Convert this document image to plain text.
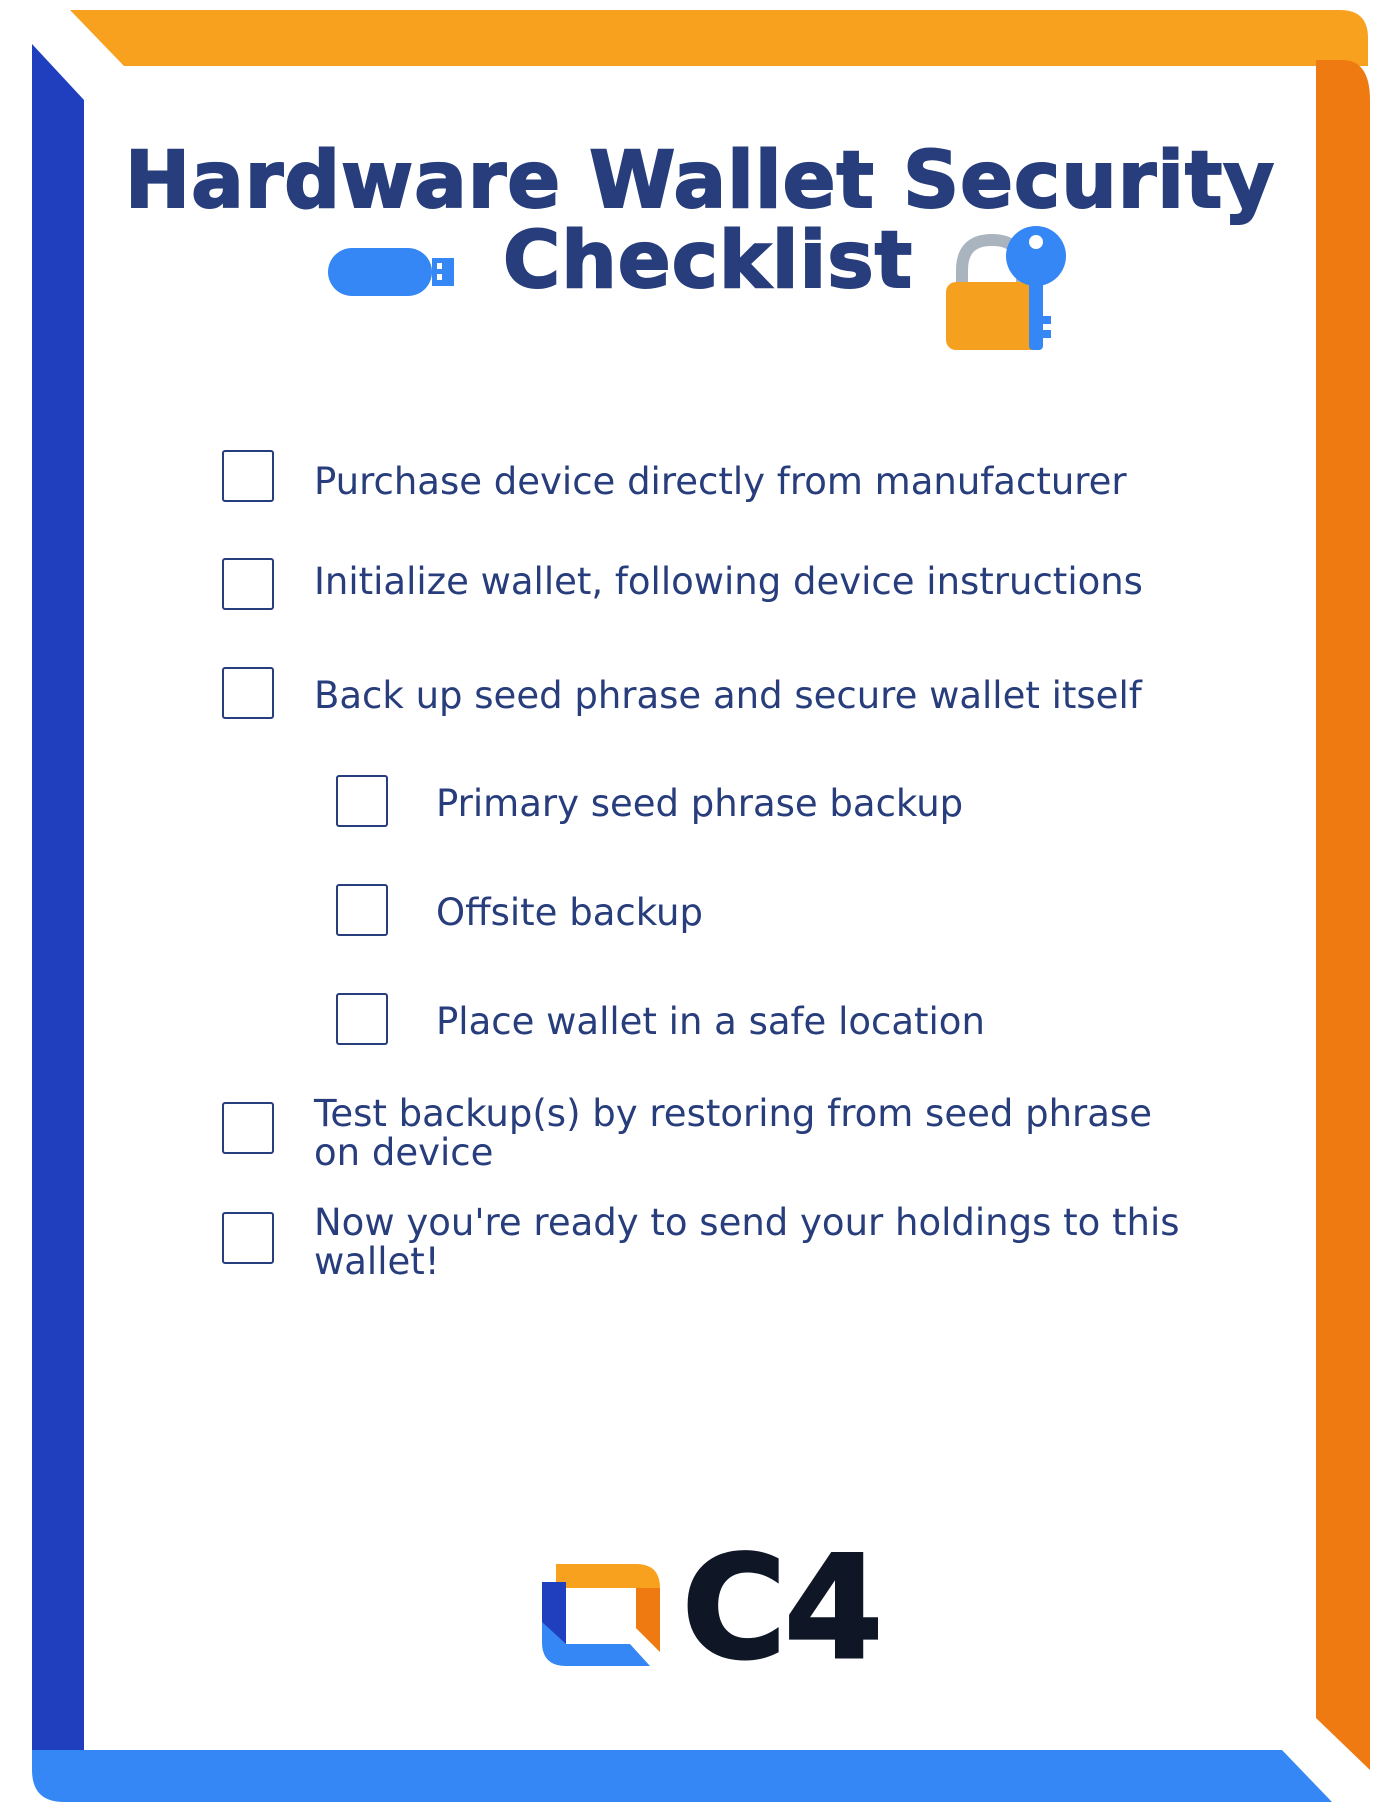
Hardware Wallet Security
Checklist
Purchase device directly from manufacturer
Initialize wallet, following device instructions
Back up seed phrase and secure wallet itself
Primary seed phrase backup
Offsite backup
Place wallet in a safe location
Test backup(s) by restoring from seed phrase
on device
Now you're ready to send your holdings to this
wallet!
C4
